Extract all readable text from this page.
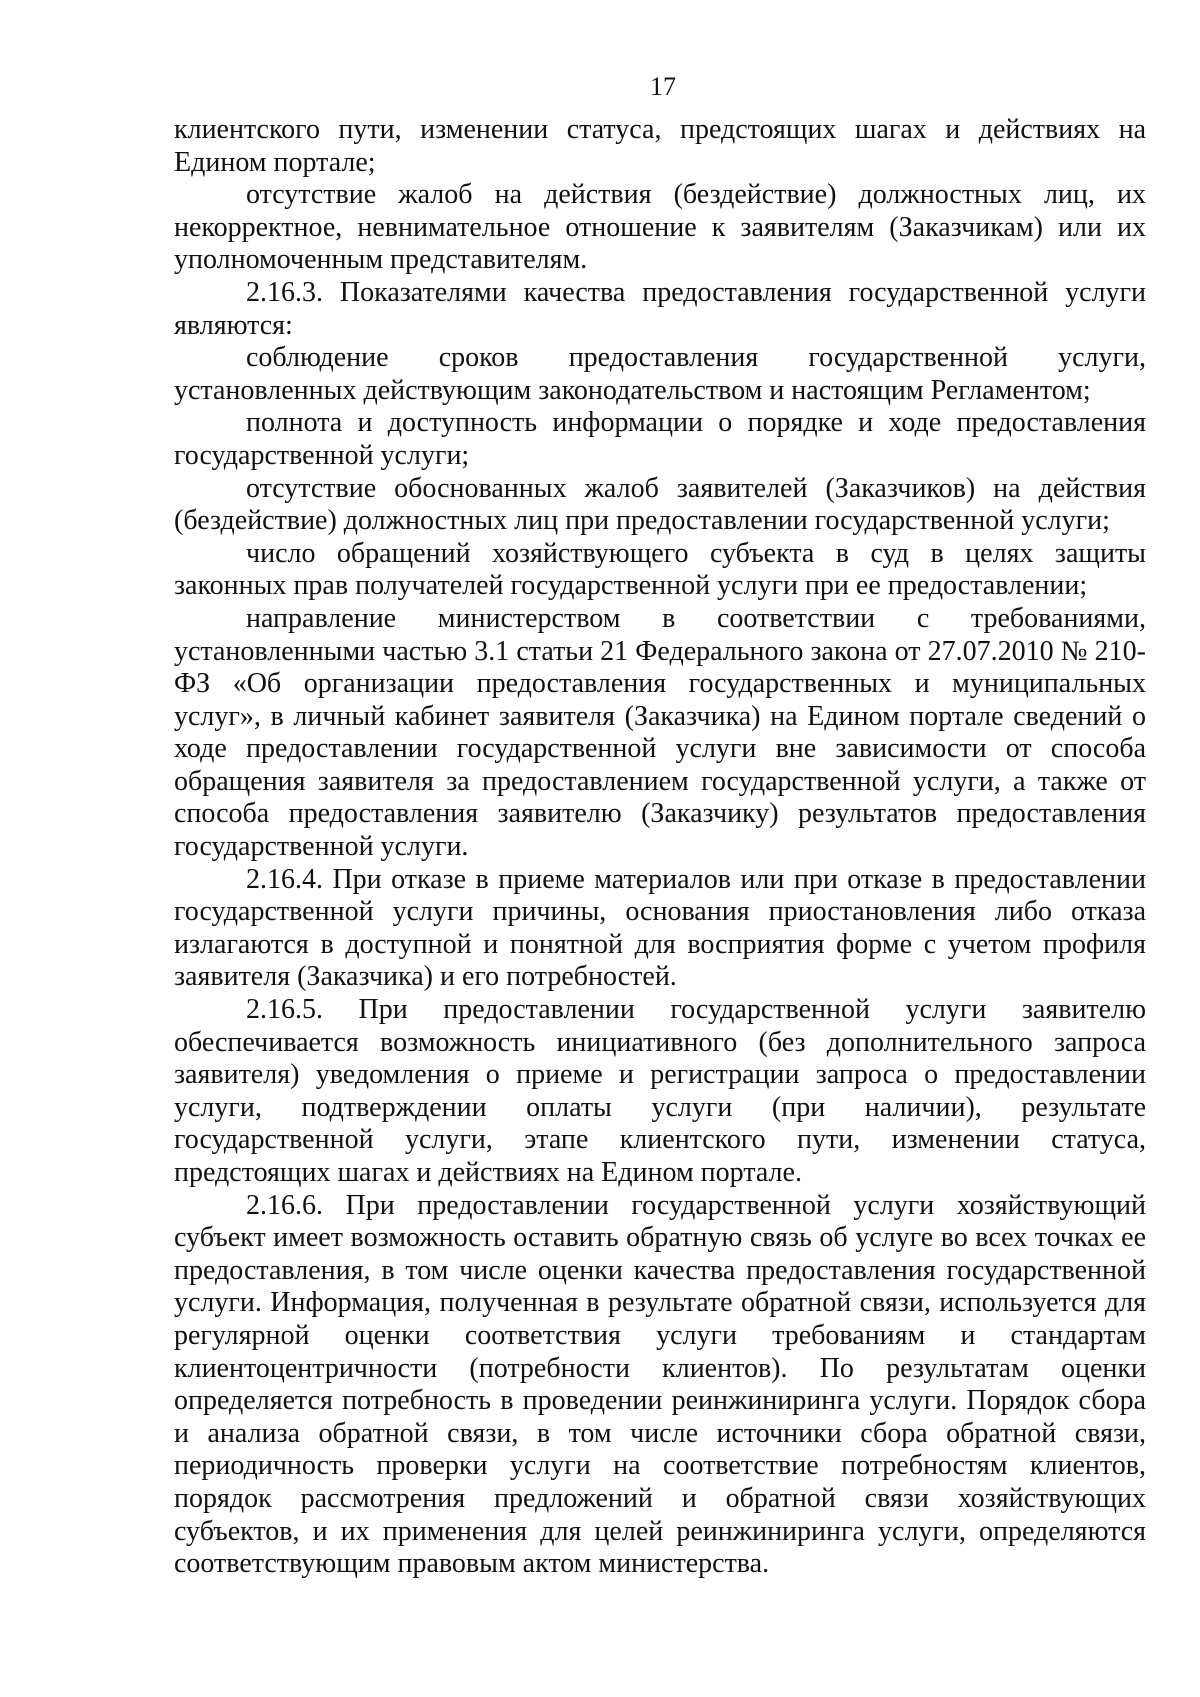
17

клиентского пути, изменении статуса, предстоящих шагах и действиях на Едином портале;

отсутствие жалоб на действия (бездействие) должностных лиц, их некорректное, невнимательное отношение к заявителям (Заказчикам) или их уполномоченным представителям.

2.16.3. Показателями качества предоставления государственной услуги являются:

соблюдение сроков предоставления государственной услуги, установленных действующим законодательством и настоящим Регламентом;

полнота и доступность информации о порядке и ходе предоставления государственной услуги;

отсутствие обоснованных жалоб заявителей (Заказчиков) на действия (бездействие) должностных лиц при предоставлении государственной услуги;

число обращений хозяйствующего субъекта в суд в целях защиты законных прав получателей государственной услуги при ее предоставлении;

направление министерством в соответствии с требованиями, установленными частью 3.1 статьи 21 Федерального закона от 27.07.2010 № 210-ФЗ «Об организации предоставления государственных и муниципальных услуг», в личный кабинет заявителя (Заказчика) на Едином портале сведений о ходе предоставлении государственной услуги вне зависимости от способа обращения заявителя за предоставлением государственной услуги, а также от способа предоставления заявителю (Заказчику) результатов предоставления государственной услуги.

2.16.4. При отказе в приеме материалов или при отказе в предоставлении государственной услуги причины, основания приостановления либо отказа излагаются в доступной и понятной для восприятия форме с учетом профиля заявителя (Заказчика) и его потребностей.

2.16.5. При предоставлении государственной услуги заявителю обеспечивается возможность инициативного (без дополнительного запроса заявителя) уведомления о приеме и регистрации запроса о предоставлении услуги, подтверждении оплаты услуги (при наличии), результате государственной услуги, этапе клиентского пути, изменении статуса, предстоящих шагах и действиях на Едином портале.

2.16.6. При предоставлении государственной услуги хозяйствующий субъект имеет возможность оставить обратную связь об услуге во всех точках ее предоставления, в том числе оценки качества предоставления государственной услуги. Информация, полученная в результате обратной связи, используется для регулярной оценки соответствия услуги требованиям и стандартам клиентоцентричности (потребности клиентов). По результатам оценки определяется потребность в проведении реинжиниринга услуги. Порядок сбора и анализа обратной связи, в том числе источники сбора обратной связи, периодичность проверки услуги на соответствие потребностям клиентов, порядок рассмотрения предложений и обратной связи хозяйствующих субъектов, и их применения для целей реинжиниринга услуги, определяются соответствующим правовым актом министерства.
